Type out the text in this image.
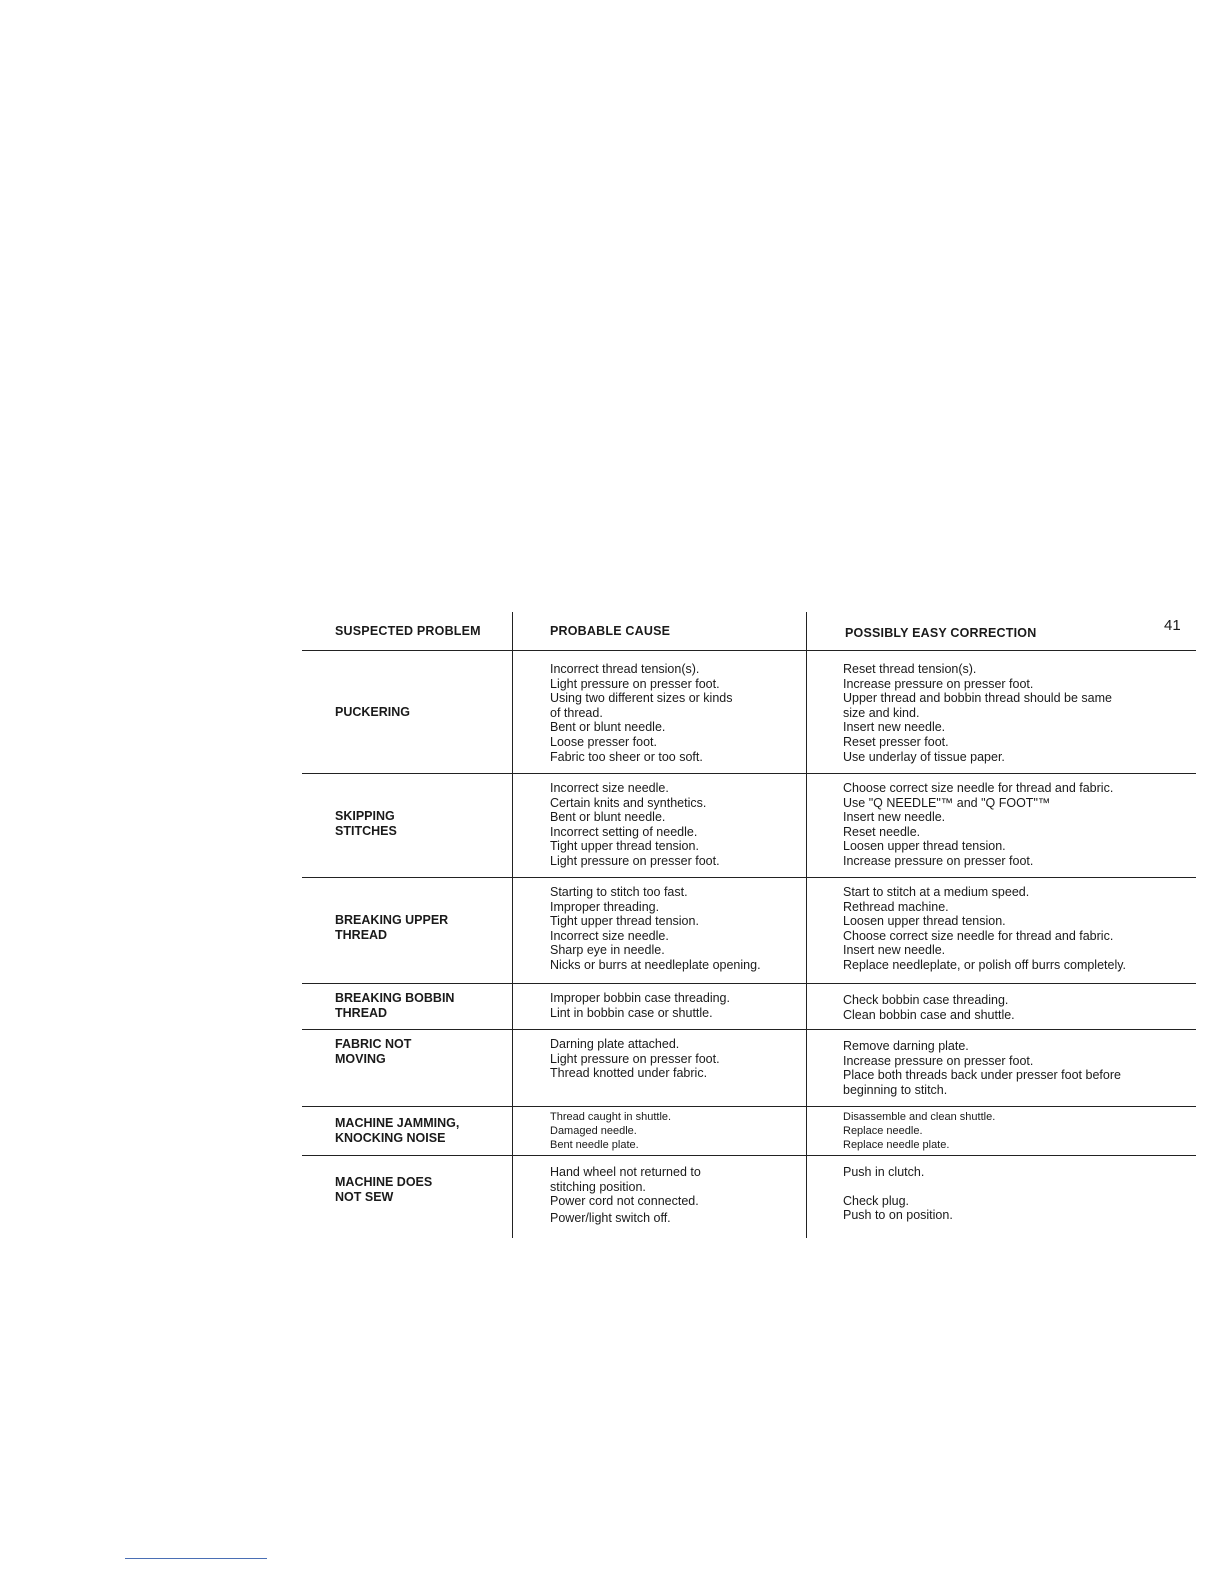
41
SUSPECTED PROBLEM	PROBABLE CAUSE	POSSIBLY EASY CORRECTION
PUCKERING
Incorrect thread tension(s).
Light pressure on presser foot.
Using two different sizes or kinds
of thread.
Bent or blunt needle.
Loose presser foot.
Fabric too sheer or too soft.
Reset thread tension(s).
Increase pressure on presser foot.
Upper thread and bobbin thread should be same
size and kind.
Insert new needle.
Reset presser foot.
Use underlay of tissue paper.
SKIPPING
STITCHES
Incorrect size needle.
Certain knits and synthetics.
Bent or blunt needle.
Incorrect setting of needle.
Tight upper thread tension.
Light pressure on presser foot.
Choose correct size needle for thread and fabric.
Use "Q NEEDLE"™ and "Q FOOT"™
Insert new needle.
Reset needle.
Loosen upper thread tension.
Increase pressure on presser foot.
BREAKING UPPER
THREAD
Starting to stitch too fast.
Improper threading.
Tight upper thread tension.
Incorrect size needle.
Sharp eye in needle.
Nicks or burrs at needleplate opening.
Start to stitch at a medium speed.
Rethread machine.
Loosen upper thread tension.
Choose correct size needle for thread and fabric.
Insert new needle.
Replace needleplate, or polish off burrs completely.
BREAKING BOBBIN
THREAD
Improper bobbin case threading.
Lint in bobbin case or shuttle.
Check bobbin case threading.
Clean bobbin case and shuttle.
FABRIC NOT
MOVING
Darning plate attached.
Light pressure on presser foot.
Thread knotted under fabric.
Remove darning plate.
Increase pressure on presser foot.
Place both threads back under presser foot before
beginning to stitch.
MACHINE JAMMING,
KNOCKING NOISE
Thread caught in shuttle.
Damaged needle.
Bent needle plate.
Disassemble and clean shuttle.
Replace needle.
Replace needle plate.
MACHINE DOES
NOT SEW
Hand wheel not returned to
stitching position.
Power cord not connected.
Power/light switch off.
Push in clutch.
Check plug.
Push to on position.
